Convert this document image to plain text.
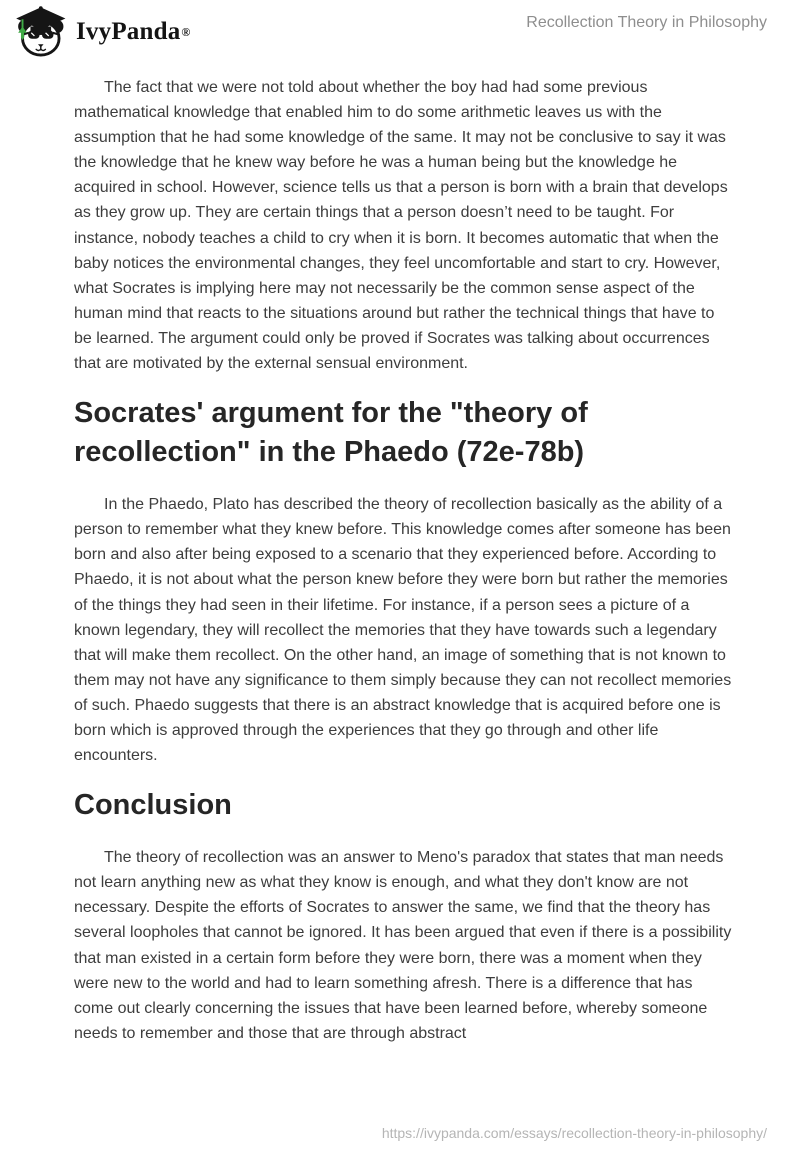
IvyPanda ®
Recollection Theory in Philosophy

The fact that we were not told about whether the boy had had some previous mathematical knowledge that enabled him to do some arithmetic leaves us with the assumption that he had some knowledge of the same. It may not be conclusive to say it was the knowledge that he knew way before he was a human being but the knowledge he acquired in school. However, science tells us that a person is born with a brain that develops as they grow up. They are certain things that a person doesn’t need to be taught. For instance, nobody teaches a child to cry when it is born. It becomes automatic that when the baby notices the environmental changes, they feel uncomfortable and start to cry. However, what Socrates is implying here may not necessarily be the common sense aspect of the human mind that reacts to the situations around but rather the technical things that have to be learned. The argument could only be proved if Socrates was talking about occurrences that are motivated by the external sensual environment.

Socrates' argument for the "theory of recollection" in the Phaedo (72e-78b)

In the Phaedo, Plato has described the theory of recollection basically as the ability of a person to remember what they knew before. This knowledge comes after someone has been born and also after being exposed to a scenario that they experienced before. According to Phaedo, it is not about what the person knew before they were born but rather the memories of the things they had seen in their lifetime. For instance, if a person sees a picture of a known legendary, they will recollect the memories that they have towards such a legendary that will make them recollect. On the other hand, an image of something that is not known to them may not have any significance to them simply because they can not recollect memories of such. Phaedo suggests that there is an abstract knowledge that is acquired before one is born which is approved through the experiences that they go through and other life encounters.

Conclusion

The theory of recollection was an answer to Meno's paradox that states that man needs not learn anything new as what they know is enough, and what they don't know are not necessary. Despite the efforts of Socrates to answer the same, we find that the theory has several loopholes that cannot be ignored. It has been argued that even if there is a possibility that man existed in a certain form before they were born, there was a moment when they were new to the world and had to learn something afresh. There is a difference that has come out clearly concerning the issues that have been learned before, whereby someone needs to remember and those that are through abstract

https://ivypanda.com/essays/recollection-theory-in-philosophy/
